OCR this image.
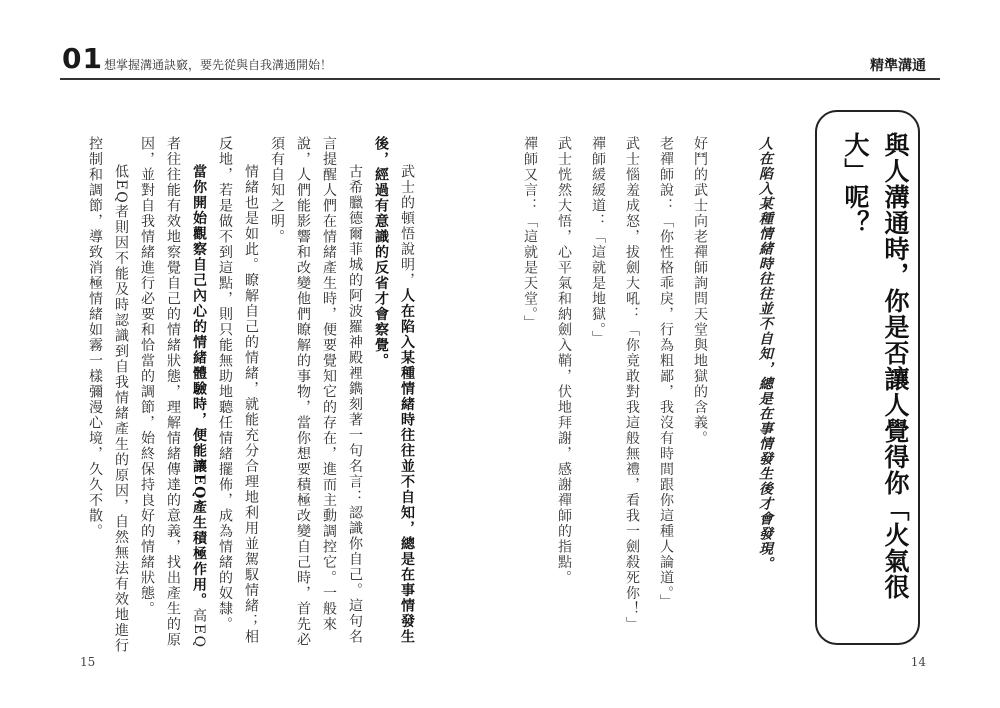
01 想掌握溝通訣竅，要先從與自我溝通開始！	精準溝通
與人溝通時，你是否讓人覺得你「火氣很大」呢？
人在陷入某種情緒時往往並不自知，總是在事情發生後才會發現。

好鬥的武士向老禪師詢問天堂與地獄的含義。

老禪師說：「你性格乖戾，行為粗鄙，我沒有時間跟你這種人論道。」

武士惱羞成怒，拔劍大吼：「你竟敢對我這般無禮，看我一劍殺死你！」

禪師緩緩道：「這就是地獄。」

武士恍然大悟，心平氣和納劍入鞘，伏地拜謝，感謝禪師的指點。

禪師又言：「這就是天堂。」

14

武士的頓悟說明，人在陷入某種情緒時往往並不自知，總是在事情發生後，經過有意識的反省才會察覺。

古希臘德爾菲城的阿波羅神殿裡鐫刻著一句名言：認識你自己。這句名言提醒人們在情緒產生時，便要覺知它的存在，進而主動調控它。一般來說，人們能影響和改變他們瞭解的事物，當你想要積極改變自己時，首先必須有自知之明。

情緒也是如此。瞭解自己的情緒，就能充分合理地利用並駕馭情緒；相反地，若是做不到這點，則只能無助地聽任情緒擺佈，成為情緒的奴隸。

當你開始觀察自己內心的情緒體驗時，便能讓EQ產生積極作用。高EQ者往往能有效地察覺自己的情緒狀態，理解情緒傳達的意義，找出產生的原因，並對自我情緒進行必要和恰當的調節，始終保持良好的情緒狀態。

低EQ者則因不能及時認識到自我情緒產生的原因，自然無法有效地進行控制和調節，導致消極情緒如霧一樣彌漫心境，久久不散。

15
